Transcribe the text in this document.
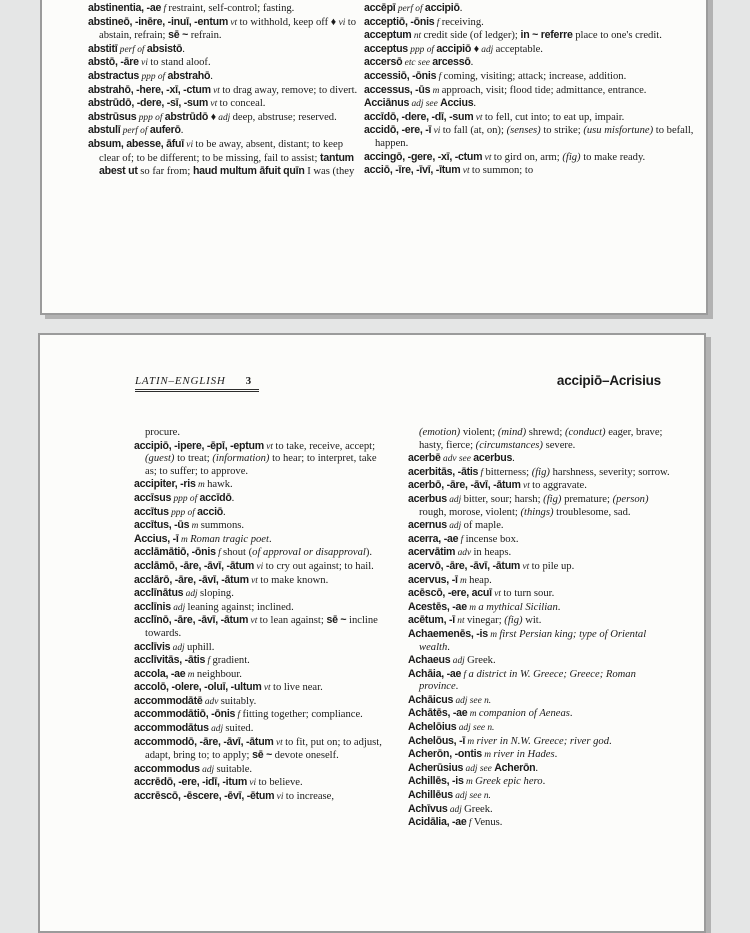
abstinentia, -ae f restraint, self-control; fasting.

abstineō, -inēre, -inuī, -entum vt to withhold, keep off ♦ vi to abstain, refrain; sē ~ refrain.

abstitī perf of absistō.

abstō, -āre vi to stand aloof.

abstractus ppp of abstrahō.

abstrahō, -here, -xī, -ctum vt to drag away, remove; to divert.

abstrūdō, -dere, -sī, -sum vt to conceal.

abstrūsus ppp of abstrūdō ♦ adj deep, abstruse; reserved.

abstulī perf of auferō.

absum, abesse, āfuī vi to be away, absent, distant; to keep clear of; to be different; to be missing, fail to assist; tantum abest ut so far from; haud multum āfuit quīn I was (they

accēpī perf of accipiō.

acceptiō, -ōnis f receiving.

acceptum nt credit side (of ledger); in ~ referre place to one's credit.

acceptus ppp of accipiō ♦ adj acceptable.

accersō etc see arcessō.

accessiō, -ōnis f coming, visiting; attack; increase, addition.

accessus, -ūs m approach, visit; flood tide; admittance, entrance.

Acciānus adj see Accius.

accīdō, -dere, -dī, -sum vt to fell, cut into; to eat up, impair.

accidō, -ere, -ī vi to fall (at, on); (senses) to strike; (usu misfortune) to befall, happen.

accingō, -gere, -xī, -ctum vt to gird on, arm; (fig) to make ready.

acciō, -īre, -īvī, -ītum vt to summon; to

LATIN–ENGLISH 3	accipiō–Acrisius

procure.

accipiō, -ipere, -ēpī, -eptum vt to take, receive, accept; (guest) to treat; (information) to hear; to interpret, take as; to suffer; to approve.

accipiter, -ris m hawk.

accīsus ppp of accīdō.

accītus ppp of acciō.

accītus, -ūs m summons.

Accius, -ī m Roman tragic poet.

acclāmātiō, -ōnis f shout (of approval or disapproval).

acclāmō, -āre, -āvī, -ātum vi to cry out against; to hail.

acclārō, -āre, -āvī, -ātum vt to make known.

acclīnātus adj sloping.

acclīnis adj leaning against; inclined.

acclīnō, -āre, -āvī, -ātum vt to lean against; sē ~ incline towards.

acclīvis adj uphill.

acclīvitās, -ātis f gradient.

accola, -ae m neighbour.

accolō, -olere, -oluī, -ultum vt to live near.

accommodātē adv suitably.

accommodātiō, -ōnis f fitting together; compliance.

accommodātus adj suited.

accommodō, -āre, -āvī, -ātum vt to fit, put on; to adjust, adapt, bring to; to apply; sē ~ devote oneself.

accommodus adj suitable.

accrēdō, -ere, -idī, -itum vi to believe.

accrēscō, -ēscere, -ēvī, -ētum vi to increase,

(emotion) violent; (mind) shrewd; (conduct) eager, brave; hasty, fierce; (circumstances) severe.

acerbē adv see acerbus.

acerbitās, -ātis f bitterness; (fig) harshness, severity; sorrow.

acerbō, -āre, -āvī, -ātum vt to aggravate.

acerbus adj bitter, sour; harsh; (fig) premature; (person) rough, morose, violent; (things) troublesome, sad.

acernus adj of maple.

acerra, -ae f incense box.

acervātim adv in heaps.

acervō, -āre, -āvī, -ātum vt to pile up.

acervus, -ī m heap.

acēscō, -ere, acuī vt to turn sour.

Acestēs, -ae m a mythical Sicilian.

acētum, -ī nt vinegar; (fig) wit.

Achaemenēs, -is m first Persian king; type of Oriental wealth.

Achaeus adj Greek.

Achāia, -ae f a district in W. Greece; Greece; Roman province.

Achāicus adj see n.

Achātēs, -ae m companion of Aeneas.

Achelōius adj see n.

Achelōus, -ī m river in N.W. Greece; river god.

Acherōn, -ontis m river in Hades.

Acherūsius adj see Acherōn.

Achillēs, -is m Greek epic hero.

Achillēus adj see n.

Achīvus adj Greek.

Acidālia, -ae f Venus.
